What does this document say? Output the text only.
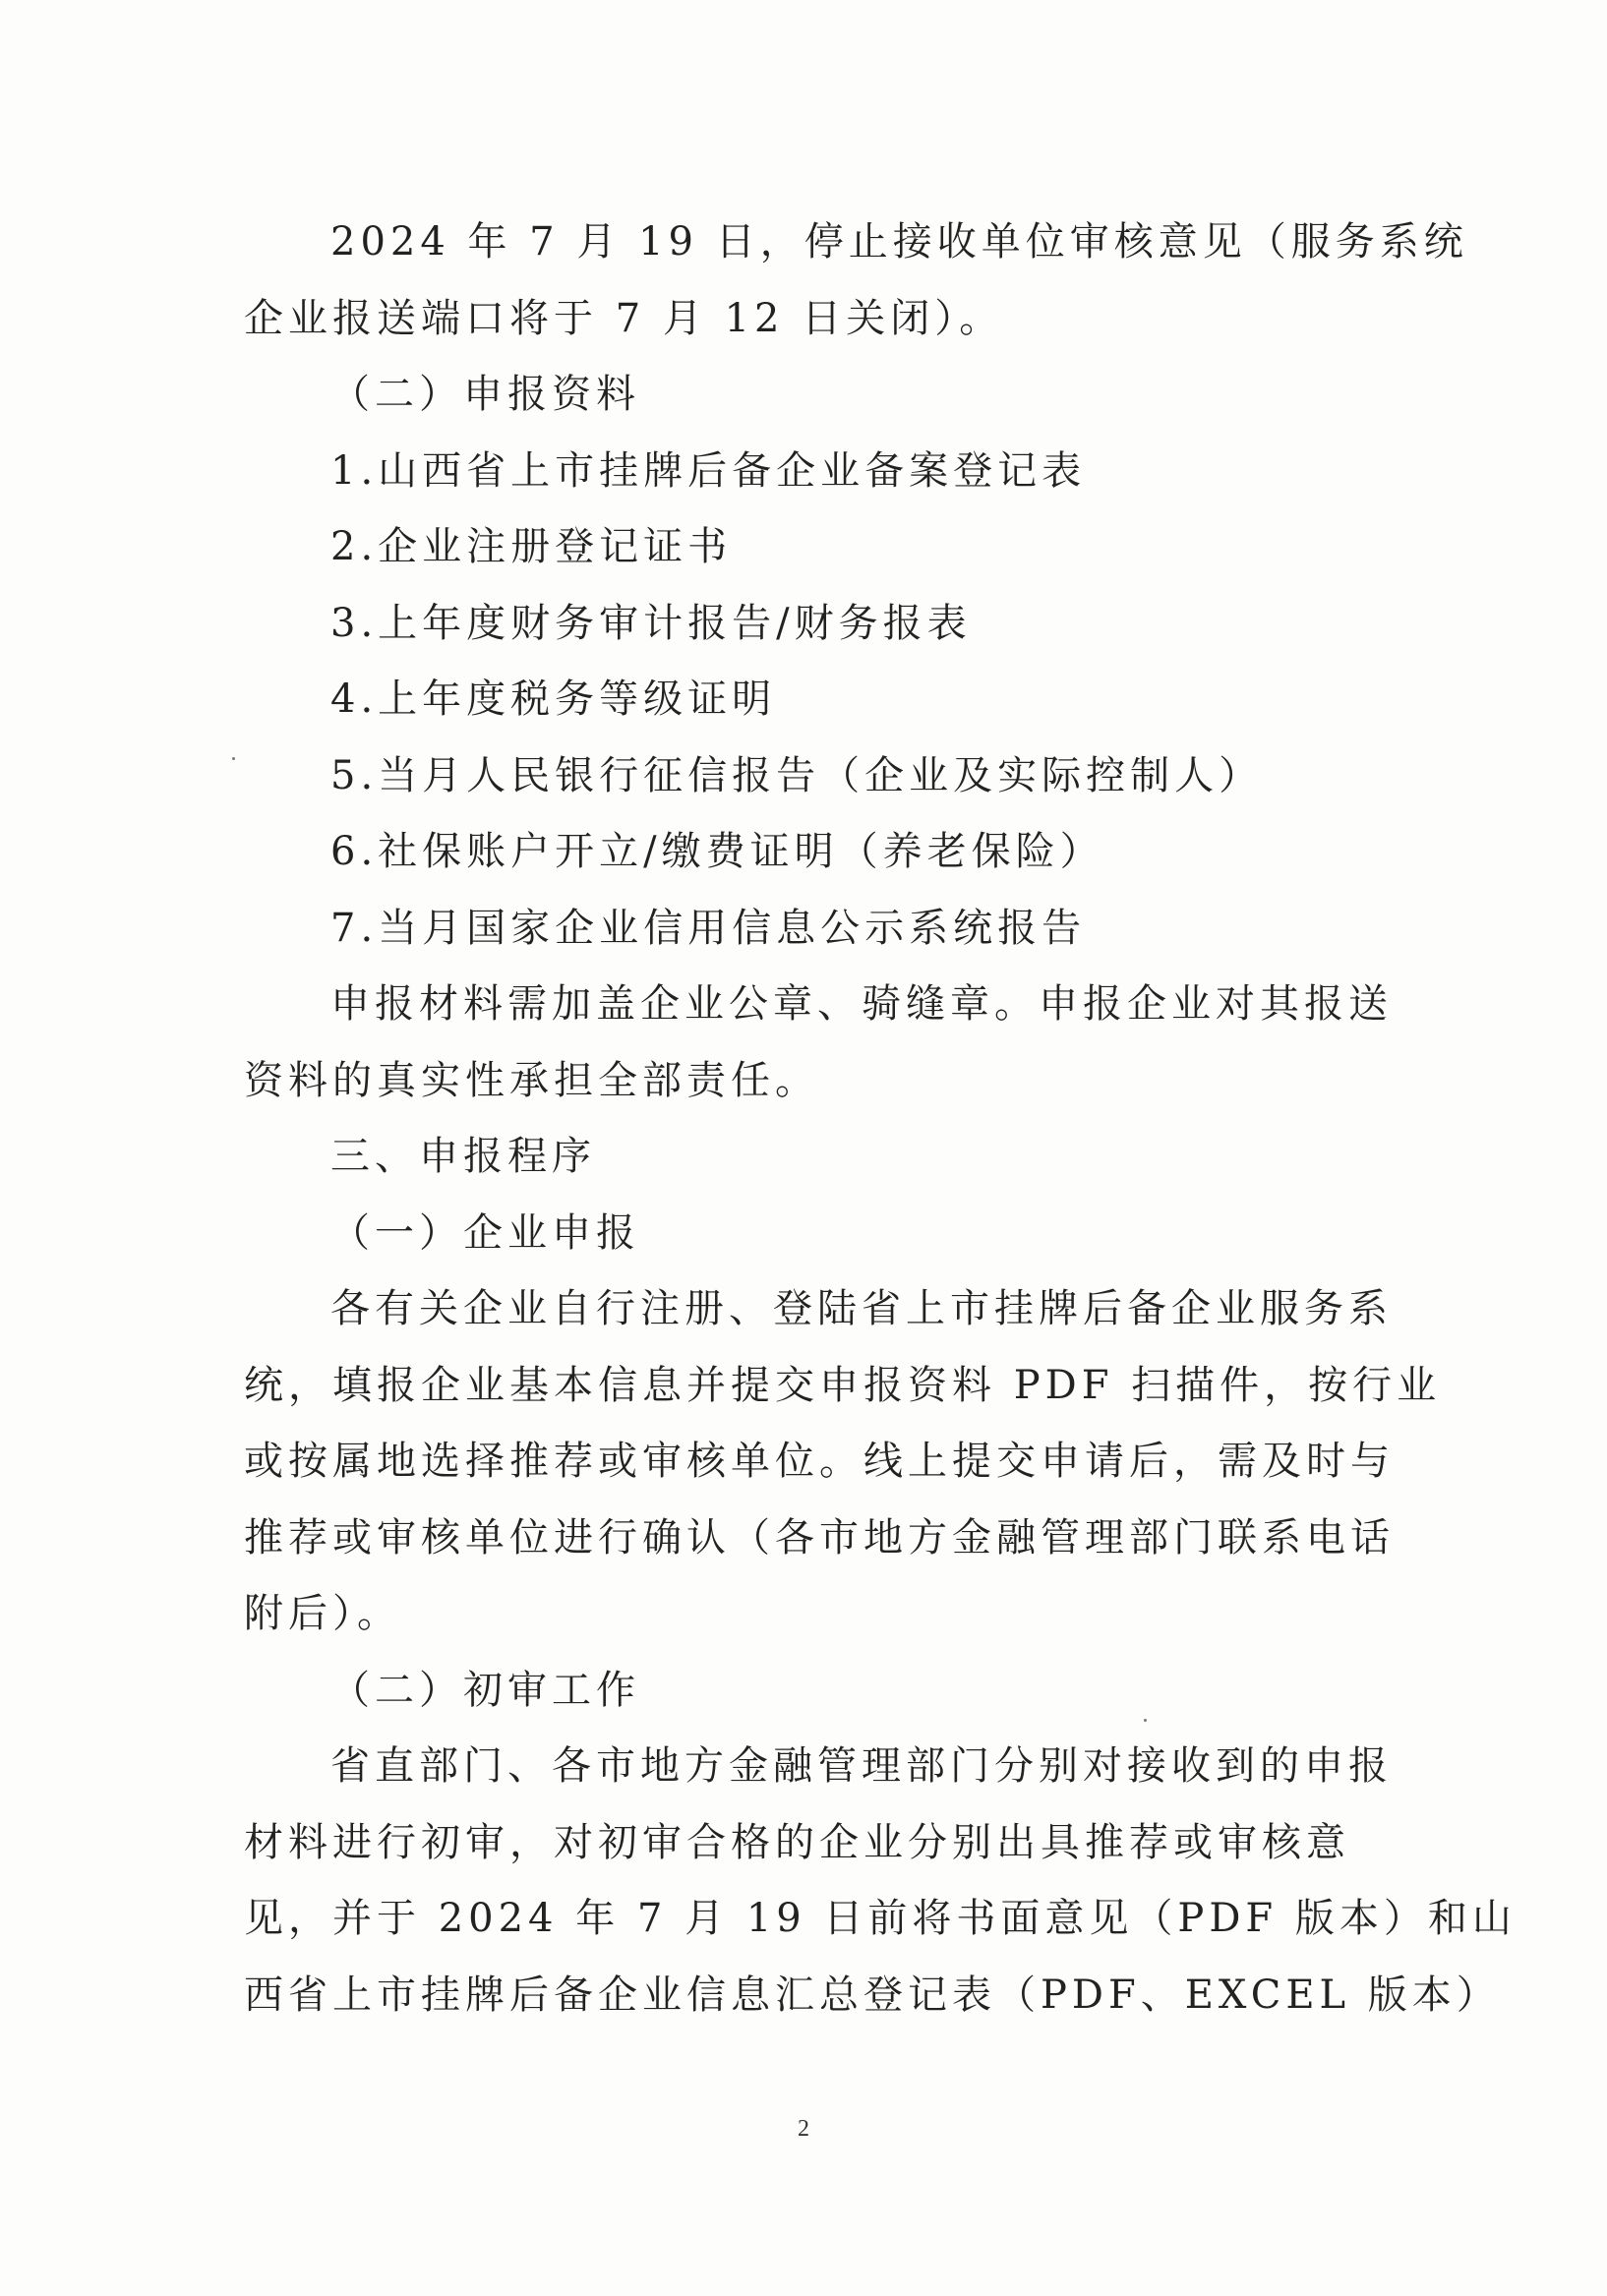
2024 年 7 月 19 日，停止接收单位审核意见（服务系统
企业报送端口将于 7 月 12 日关闭）。
（二）申报资料
1.山西省上市挂牌后备企业备案登记表
2.企业注册登记证书
3.上年度财务审计报告/财务报表
4.上年度税务等级证明
5.当月人民银行征信报告（企业及实际控制人）
6.社保账户开立/缴费证明（养老保险）
7.当月国家企业信用信息公示系统报告
申报材料需加盖企业公章、骑缝章。申报企业对其报送
资料的真实性承担全部责任。
三、申报程序
（一）企业申报
各有关企业自行注册、登陆省上市挂牌后备企业服务系
统，填报企业基本信息并提交申报资料 PDF 扫描件，按行业
或按属地选择推荐或审核单位。线上提交申请后，需及时与
推荐或审核单位进行确认（各市地方金融管理部门联系电话
附后）。
（二）初审工作
省直部门、各市地方金融管理部门分别对接收到的申报
材料进行初审，对初审合格的企业分别出具推荐或审核意
见，并于 2024 年 7 月 19 日前将书面意见（PDF 版本）和山
西省上市挂牌后备企业信息汇总登记表（PDF、EXCEL 版本）
2
